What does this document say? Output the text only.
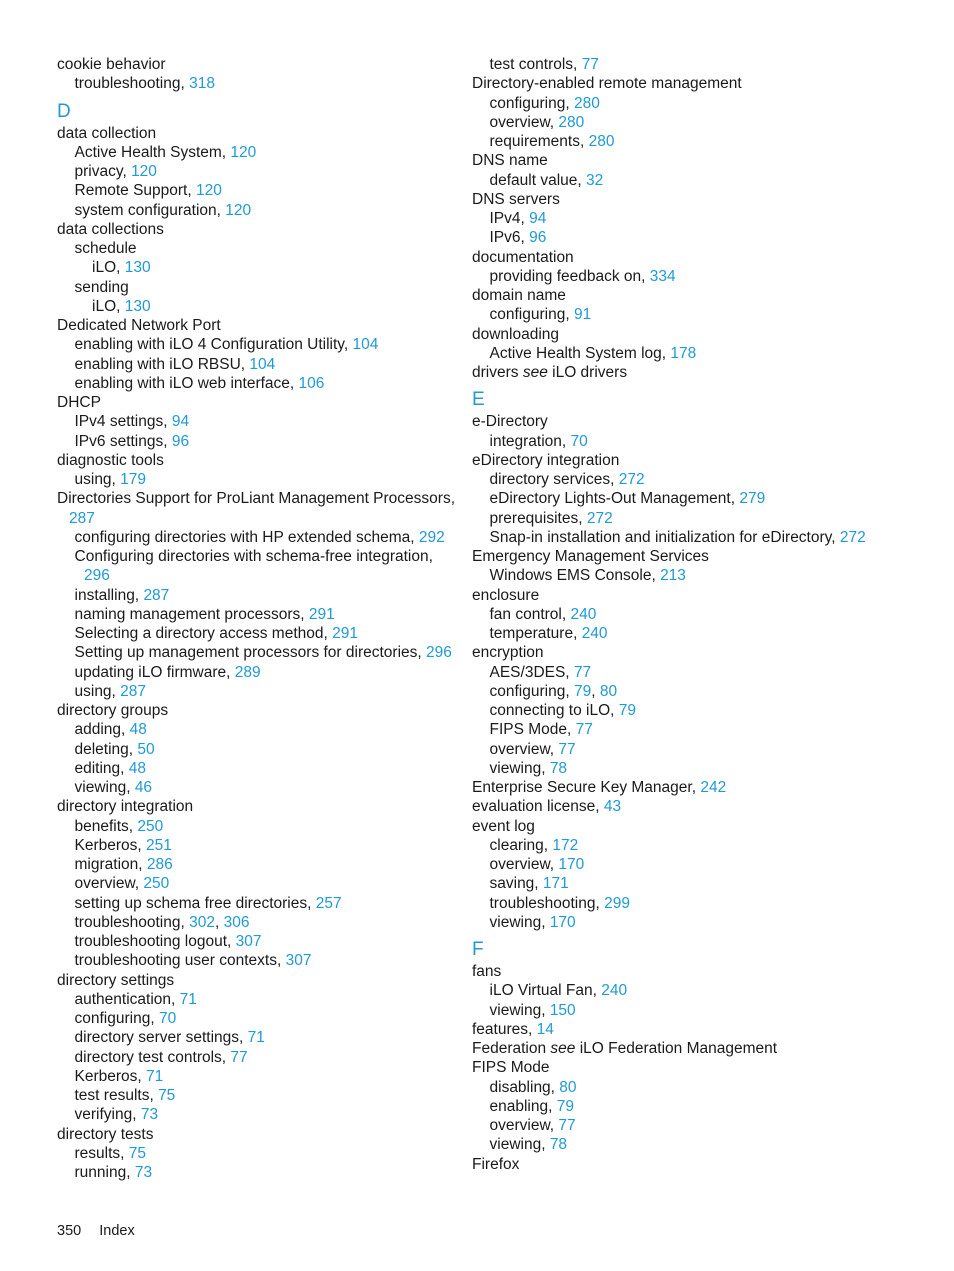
cookie behavior
troubleshooting, 318
D
data collection
Active Health System, 120
privacy, 120
Remote Support, 120
system configuration, 120
data collections
schedule
iLO, 130
sending
iLO, 130
Dedicated Network Port
enabling with iLO 4 Configuration Utility, 104
enabling with iLO RBSU, 104
enabling with iLO web interface, 106
DHCP
IPv4 settings, 94
IPv6 settings, 96
diagnostic tools
using, 179
Directories Support for ProLiant Management Processors,
287
configuring directories with HP extended schema, 292
Configuring directories with schema-free integration,
296
installing, 287
naming management processors, 291
Selecting a directory access method, 291
Setting up management processors for directories, 296
updating iLO firmware, 289
using, 287
directory groups
adding, 48
deleting, 50
editing, 48
viewing, 46
directory integration
benefits, 250
Kerberos, 251
migration, 286
overview, 250
setting up schema free directories, 257
troubleshooting, 302, 306
troubleshooting logout, 307
troubleshooting user contexts, 307
directory settings
authentication, 71
configuring, 70
directory server settings, 71
directory test controls, 77
Kerberos, 71
test results, 75
verifying, 73
directory tests
results, 75
running, 73
test controls, 77
Directory-enabled remote management
configuring, 280
overview, 280
requirements, 280
DNS name
default value, 32
DNS servers
IPv4, 94
IPv6, 96
documentation
providing feedback on, 334
domain name
configuring, 91
downloading
Active Health System log, 178
drivers see iLO drivers
E
e-Directory
integration, 70
eDirectory integration
directory services, 272
eDirectory Lights-Out Management, 279
prerequisites, 272
Snap-in installation and initialization for eDirectory, 272
Emergency Management Services
Windows EMS Console, 213
enclosure
fan control, 240
temperature, 240
encryption
AES/3DES, 77
configuring, 79, 80
connecting to iLO, 79
FIPS Mode, 77
overview, 77
viewing, 78
Enterprise Secure Key Manager, 242
evaluation license, 43
event log
clearing, 172
overview, 170
saving, 171
troubleshooting, 299
viewing, 170
F
fans
iLO Virtual Fan, 240
viewing, 150
features, 14
Federation see iLO Federation Management
FIPS Mode
disabling, 80
enabling, 79
overview, 77
viewing, 78
Firefox
350 Index
